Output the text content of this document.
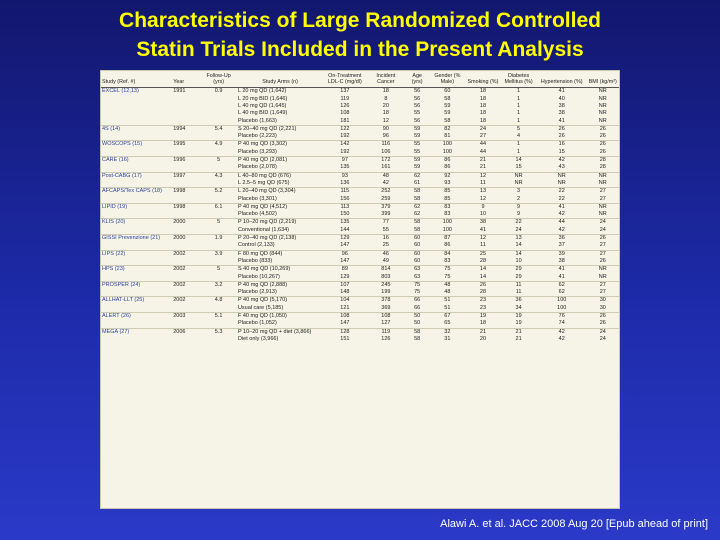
Characteristics of Large Randomized Controlled
Statin Trials Included in the Present Analysis
Study (Ref. #)	Year	Follow-Up (yrs)	Study Arms (n)	On-Treatment LDL-C (mg/dl)	Incident Cancer	Age (yrs)	Gender (% Male)	Smoking (%)	Diabetes Mellitus (%)	Hypertension (%)	BMI (kg/m²)
EXCEL (12,13)	1991	0.9	L 20 mg QD (1,642)	137	18	56	60	18	1	41	NR
			L 20 mg BID (1,646)	119	8	56	58	18	1	40	NR
			L 40 mg QD (1,645)	126	20	56	59	18	1	38	NR
			L 40 mg BID (1,649)	108	18	55	59	18	1	38	NR
			Placebo (1,663)	181	12	56	58	18	1	41	NR
4S (14)	1994	5.4	S 20–40 mg QD (2,221)	122	90	59	82	24	5	26	26
			Placebo (2,223)	192	96	59	81	27	4	26	26
WOSCOPS (15)	1995	4.9	P 40 mg QD (3,302)	142	116	55	100	44	1	16	26
			Placebo (3,293)	192	106	55	100	44	1	15	26
CARE (16)	1996	5	P 40 mg QD (2,081)	97	172	59	86	21	14	42	28
			Placebo (2,078)	135	161	59	86	21	15	43	28
Post-CABG (17)	1997	4.3	L 40–80 mg QD (676)	93	48	62	92	12	NR	NR	NR
			L 2.5–5 mg QD (675)	136	42	61	93	11	NR	NR	NR
AFCAPS/Tex CAPS (18)	1998	5.2	L 20–40 mg QD (3,304)	115	252	58	85	13	3	22	27
			Placebo (3,301)	156	259	58	85	12	2	22	27
LIPID (19)	1998	6.1	P 40 mg QD (4,512)	113	379	62	83	9	9	41	NR
			Placebo (4,502)	150	399	62	83	10	9	42	NR
KLIS (20)	2000	5	P 10–20 mg QD (2,219)	135	77	58	100	38	22	44	24
			Conventional (1,634)	144	55	58	100	41	24	42	24
GISSI Prevenzione (21)	2000	1.9	P 20–40 mg QD (2,138)	129	16	60	87	12	13	36	26
			Control (2,133)	147	25	60	86	11	14	37	27
LIPS (22)	2002	3.9	F 80 mg QD (844)	96	46	60	84	25	14	39	27
			Placebo (833)	147	49	60	83	28	10	38	26
HPS (23)	2002	5	S 40 mg QD (10,269)	89	814	63	75	14	29	41	NR
			Placebo (10,267)	129	803	63	75	14	29	41	NR
PROSPER (24)	2002	3.2	P 40 mg QD (2,888)	107	245	75	48	26	11	62	27
			Placebo (2,913)	148	199	75	48	28	11	62	27
ALLHAT-LLT (25)	2002	4.8	P 40 mg QD (5,170)	104	378	66	51	23	36	100	30
			Usual care (5,185)	121	369	66	51	23	34	100	30
ALERT (26)	2003	5.1	F 40 mg QD (1,050)	108	108	50	67	19	19	76	26
			Placebo (1,052)	147	127	50	65	18	19	74	26
MEGA (27)	2006	5.3	P 10–20 mg QD + diet (3,866)	128	119	58	32	21	21	42	24
			Diet only (3,966)	151	126	58	31	20	21	42	24
Alawi A. et al. JACC 2008 Aug 20 [Epub ahead of print]
